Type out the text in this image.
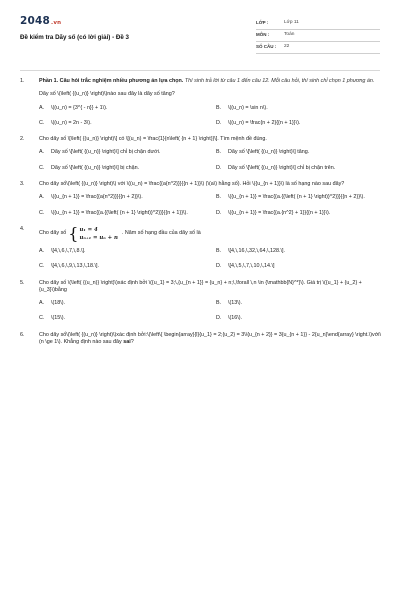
2048.vn
Đề kiểm tra Dãy số (có lời giải) - Đề 3
LỚP :	Lớp 11
MÔN :	Toán
SỐ CÂU :	22
1.	Phần 1. Câu hỏi trắc nghiệm nhiều phương án lựa chọn. Thí sinh trả lời từ câu 1 đến câu 12. Mỗi câu hỏi, thí sinh chỉ chọn 1 phương án.
Dãy số \(\left( {(u_n)} \right)\)nào sau đây là dãy số tăng?
A.	\((u_n) = {3^{ - n}} + 1\).	B.	\((u_n) = \sin n\).
C.	\((u_n) = 2n - 3\).	D.	\((u_n) = \frac{n + 2}{{n + 1}}\).
2.	Cho dãy số \[\left( {(u_n)} \right)\] có \[(u_n) = \frac{1}{n\left( {n + 1} \right)}\]. Tìm mệnh đề đúng.
A.	Dãy số \[\left( {(u_n)} \right)\] chỉ bị chặn dưới.	B.	Dãy số \[\left( {(u_n)} \right)\] tăng.
C.	Dãy số \[\left( {(u_n)} \right)\] bị chặn.	D.	Dãy số \[\left( {(u_n)} \right)\] chỉ bị chặn trên.
3.	Cho dãy số\(\left( {(u_n)} \right)\) với \((u_n) = \frac{{a{n^2}}}{{n + 1}}\) (\(a\) hằng số). Hỏi \({u_{n + 1}}\) là số hạng nào sau đây?
A.	\({u_{n + 1}} = \frac{{a{n^2}}}{{n + 2}}\).	B.	\({u_{n + 1}} = \frac{{a.{{\left( {n + 1} \right)}^2}}}{{n + 2}}\).
C.	\({u_{n + 1}} = \frac{{a.{{\left( {n + 1} \right)}^2}}}{{n + 1}}\).	D.	\({u_{n + 1}} = \frac{{a.{n^2} + 1}}{{n + 1}}\).
4.
Cho dãy số { u₁ = 4
uₙ₊₁ = uₙ + n
. Năm số hạng đầu của dãy số là
A.	\[4,\,6,\,7,\,8.\].	B.	\[4,\,16,\,32,\,64,\,128.\].
C.	\[4,\,6,\,9,\,13,\,18.\].	D.	\[4,\,5,\,7,\,10,\,14.\]
5.	Cho dãy số \(\left( {(u_n)} \right)\)xác định bởi \({u_1} = 3;\,{u_{n + 1}} = {u_n} + n;\,\forall \,n \in {\mathbb{N}^*}\). Giá trị \({u_1} + {u_2} + {u_3}\)bằng
A.	\(18\).	B.	\(13\).
C.	\(15\).	D.	\(16\).
6.	Cho dãy số\(\left( {(u_n)} \right)\)xác định bởi:\(\left\{ \begin{array}{l}{u_1} = 2;{u_2} = 3\\{u_{n + 2}} = 3{u_{n + 1}} - 2{u_n}\end{array} \right.\)với\(n \ge 1\). Khẳng định nào sau đây sai?
